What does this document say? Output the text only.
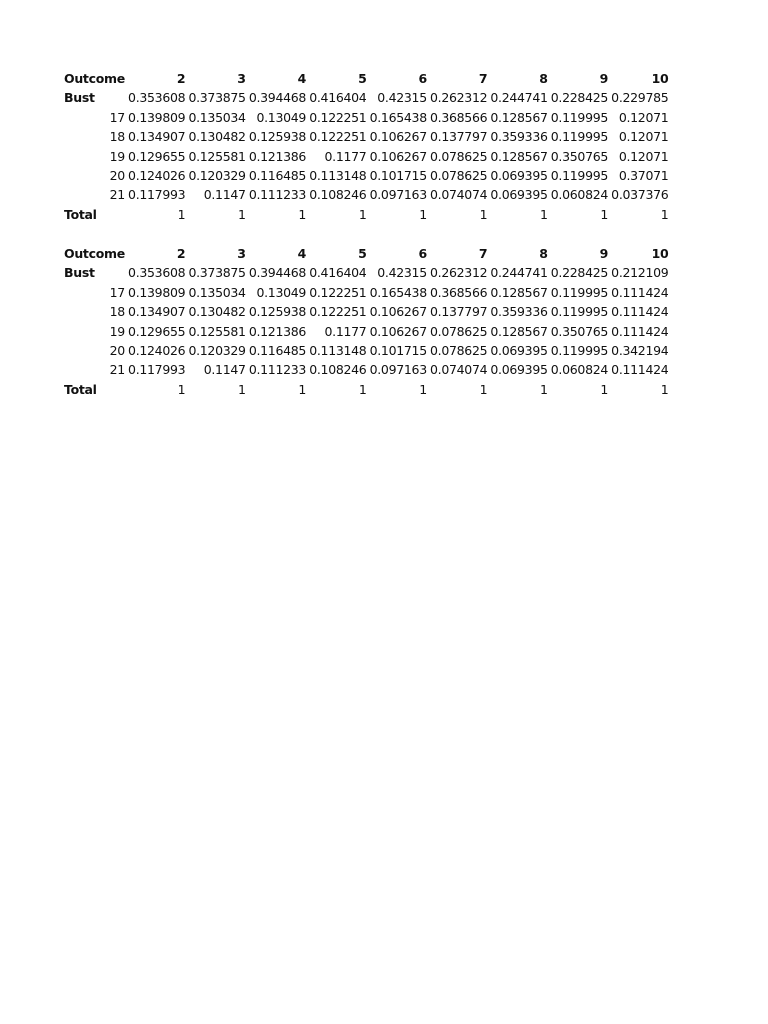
Outcome	2	3	4	5	6	7	8	9	10
Bust	0.353608	0.373875	0.394468	0.416404	0.42315	0.262312	0.244741	0.228425	0.229785
17	0.139809	0.135034	0.13049	0.122251	0.165438	0.368566	0.128567	0.119995	0.12071
18	0.134907	0.130482	0.125938	0.122251	0.106267	0.137797	0.359336	0.119995	0.12071
19	0.129655	0.125581	0.121386	0.1177	0.106267	0.078625	0.128567	0.350765	0.12071
20	0.124026	0.120329	0.116485	0.113148	0.101715	0.078625	0.069395	0.119995	0.37071
21	0.117993	0.1147	0.111233	0.108246	0.097163	0.074074	0.069395	0.060824	0.037376
Total	1	1	1	1	1	1	1	1	1
Outcome	2	3	4	5	6	7	8	9	10
Bust	0.353608	0.373875	0.394468	0.416404	0.42315	0.262312	0.244741	0.228425	0.212109
17	0.139809	0.135034	0.13049	0.122251	0.165438	0.368566	0.128567	0.119995	0.111424
18	0.134907	0.130482	0.125938	0.122251	0.106267	0.137797	0.359336	0.119995	0.111424
19	0.129655	0.125581	0.121386	0.1177	0.106267	0.078625	0.128567	0.350765	0.111424
20	0.124026	0.120329	0.116485	0.113148	0.101715	0.078625	0.069395	0.119995	0.342194
21	0.117993	0.1147	0.111233	0.108246	0.097163	0.074074	0.069395	0.060824	0.111424
Total	1	1	1	1	1	1	1	1	1
